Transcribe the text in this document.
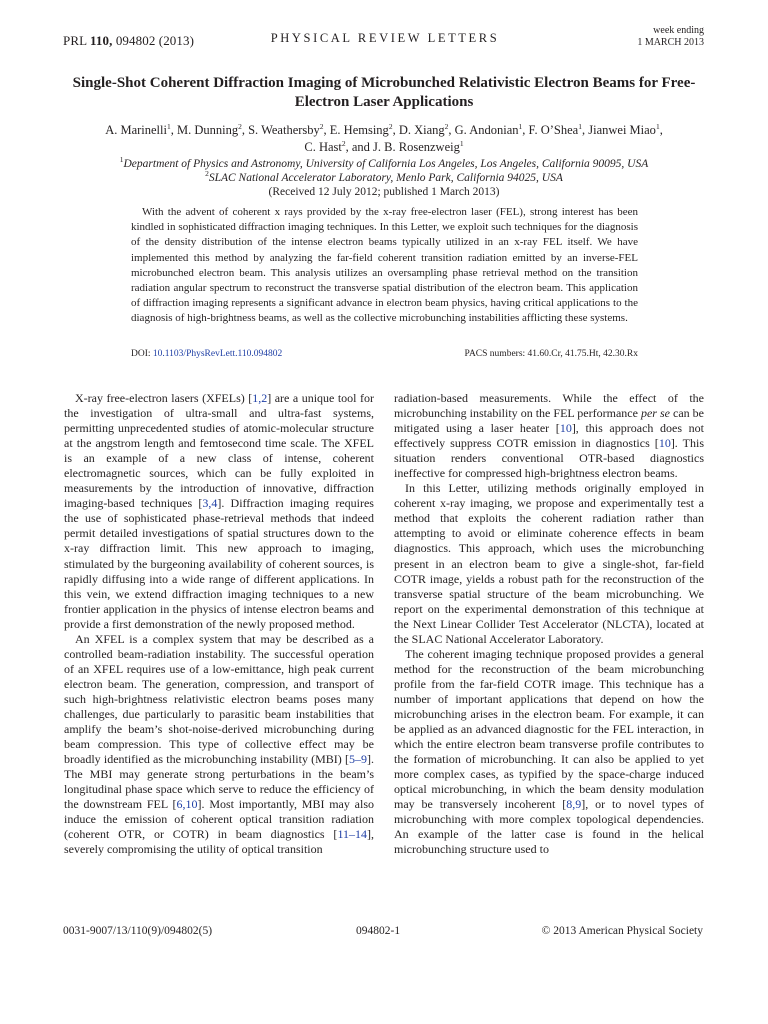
PRL 110, 094802 (2013)	PHYSICAL REVIEW LETTERS
week ending
1 MARCH 2013
Single-Shot Coherent Diffraction Imaging of Microbunched Relativistic Electron Beams for Free-Electron Laser Applications
A. Marinelli$^1$, M. Dunning$^2$, S. Weathersby$^2$, E. Hemsing$^2$, D. Xiang$^2$, G. Andonian$^1$, F. O’Shea$^1$, Jianwei Miao$^1$,
C. Hast$^2$, and J. B. Rosenzweig$^1$
$^1$Department of Physics and Astronomy, University of California Los Angeles, Los Angeles, California 90095, USA
$^2$SLAC National Accelerator Laboratory, Menlo Park, California 94025, USA
(Received 12 July 2012; published 1 March 2013)
With the advent of coherent x rays provided by the x-ray free-electron laser (FEL), strong interest has been kindled in sophisticated diffraction imaging techniques. In this Letter, we exploit such techniques for the diagnosis of the density distribution of the intense electron beams typically utilized in an x-ray FEL itself. We have implemented this method by analyzing the far-field coherent transition radiation emitted by an inverse-FEL microbunched electron beam. This analysis utilizes an oversampling phase retrieval method on the transition radiation angular spectrum to reconstruct the transverse spatial distribution of the electron beam. This application of diffraction imaging represents a significant advance in electron beam physics, having critical applications to the diagnosis of high-brightness beams, as well as the collective microbunching instabilities afflicting these systems.
DOI: 10.1103/PhysRevLett.110.094802	PACS numbers: 41.60.Cr, 41.75.Ht, 42.30.Rx

X-ray free-electron lasers (XFELs) [1,2] are a unique tool for the investigation of ultra-small and ultra-fast systems, permitting unprecedented studies of atomic-molecular structure at the angstrom length and femtosecond time scale. The XFEL is an example of a new class of intense, coherent electromagnetic sources, which can be fully exploited in measurements by the introduction of innovative, diffraction imaging-based techniques [3,4]. Diffraction imaging requires the use of sophisticated phase-retrieval methods that indeed permit detailed investigations of spatial structures down to the x-ray diffraction limit. This new approach to imaging, stimulated by the burgeoning availability of coherent sources, is rapidly diffusing into a wide range of different applications. In this vein, we extend diffraction imaging techniques to a new frontier application in the physics of intense electron beams and provide a first demonstration of the newly proposed method.

An XFEL is a complex system that may be described as a controlled beam-radiation instability. The successful operation of an XFEL requires use of a low-emittance, high peak current electron beam. The generation, compression, and transport of such high-brightness relativistic electron beams poses many challenges, due particularly to parasitic beam instabilities that amplify the beam’s shot-noise-derived microbunching during beam compression. This type of collective effect may be broadly identified as the microbunching instability (MBI) [5–9]. The MBI may generate strong perturbations in the beam’s longitudinal phase space which serve to reduce the efficiency of the downstream FEL [6,10]. Most importantly, MBI may also induce the emission of coherent optical transition radiation (coherent OTR, or COTR) in beam diagnostics [11–14], severely compromising the utility of optical transition

radiation-based measurements. While the effect of the microbunching instability on the FEL performance per se can be mitigated using a laser heater [10], this approach does not effectively suppress COTR emission in diagnostics [10]. This situation renders conventional OTR-based diagnostics ineffective for compressed high-brightness electron beams.

In this Letter, utilizing methods originally employed in coherent x-ray imaging, we propose and experimentally test a method that exploits the coherent radiation rather than attempting to avoid or eliminate coherence effects in beam diagnostics. This approach, which uses the microbunching present in an electron beam to give a single-shot, far-field COTR image, yields a robust path for the reconstruction of the transverse spatial structure of the beam microbunching. We report on the experimental demonstration of this technique at the Next Linear Collider Test Accelerator (NLCTA), located at the SLAC National Accelerator Laboratory.

The coherent imaging technique proposed provides a general method for the reconstruction of the beam microbunching profile from the far-field COTR image. This technique has a number of important applications that depend on how the microbunching arises in the electron beam. For example, it can be applied as an advanced diagnostic for the FEL interaction, in which the entire electron beam transverse profile contributes to the formation of microbunching. It can also be applied to yet more complex cases, as typified by the space-charge induced optical microbunching, in which the beam density modulation may be transversely incoherent [8,9], or to novel types of microbunching with more complex topological dependencies. An example of the latter case is found in the helical microbunching structure used to

0031-9007/13/110(9)/094802(5)	094802-1	© 2013 American Physical Society
